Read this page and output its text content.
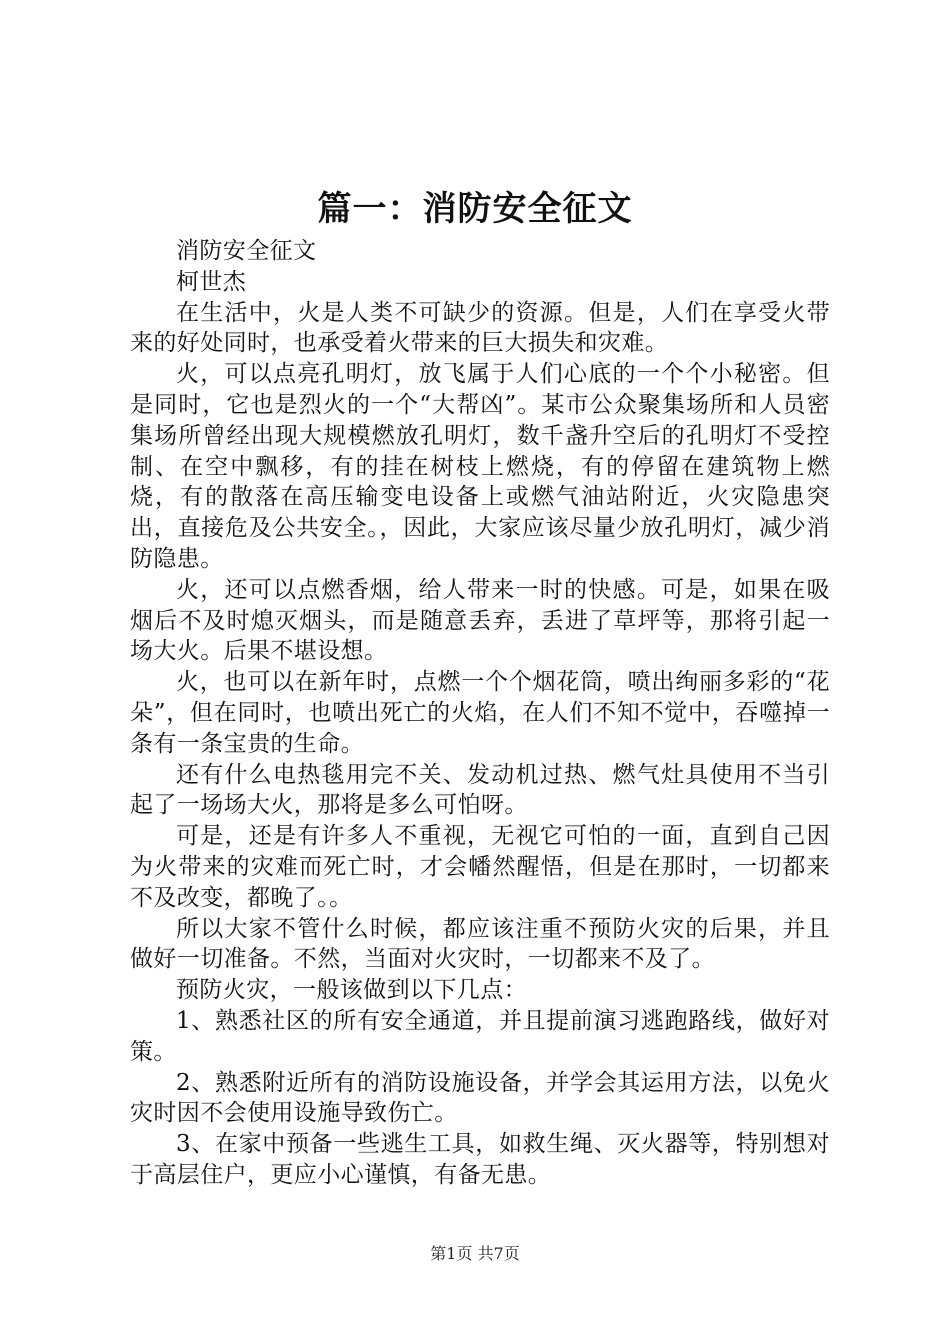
篇一：消防安全征文

消防安全征文

柯世杰

在生活中，火是人类不可缺少的资源。但是，人们在享受火带来的好处同时，也承受着火带来的巨大损失和灾难。

火，可以点亮孔明灯，放飞属于人们心底的一个个小秘密。但是同时，它也是烈火的一个“大帮凶”。某市公众聚集场所和人员密集场所曾经出现大规模燃放孔明灯，数千盏升空后的孔明灯不受控制、在空中飘移，有的挂在树枝上燃烧，有的停留在建筑物上燃烧，有的散落在高压输变电设备上或燃气油站附近，火灾隐患突出，直接危及公共安全。，因此，大家应该尽量少放孔明灯，减少消防隐患。

火，还可以点燃香烟，给人带来一时的快感。可是，如果在吸烟后不及时熄灭烟头，而是随意丢弃，丢进了草坪等，那将引起一场大火。后果不堪设想。

火，也可以在新年时，点燃一个个烟花筒，喷出绚丽多彩的“花朵”，但在同时，也喷出死亡的火焰，在人们不知不觉中，吞噬掉一条有一条宝贵的生命。

还有什么电热毯用完不关、发动机过热、燃气灶具使用不当引起了一场场大火，那将是多么可怕呀。

可是，还是有许多人不重视，无视它可怕的一面，直到自己因为火带来的灾难而死亡时，才会幡然醒悟，但是在那时，一切都来不及改变，都晚了。。

所以大家不管什么时候，都应该注重不预防火灾的后果，并且做好一切准备。不然，当面对火灾时，一切都来不及了。

预防火灾，一般该做到以下几点：

1、熟悉社区的所有安全通道，并且提前演习逃跑路线，做好对策。

2、熟悉附近所有的消防设施设备，并学会其运用方法，以免火灾时因不会使用设施导致伤亡。

3、在家中预备一些逃生工具，如救生绳、灭火器等，特别想对于高层住户，更应小心谨慎，有备无患。

第1页 共7页
